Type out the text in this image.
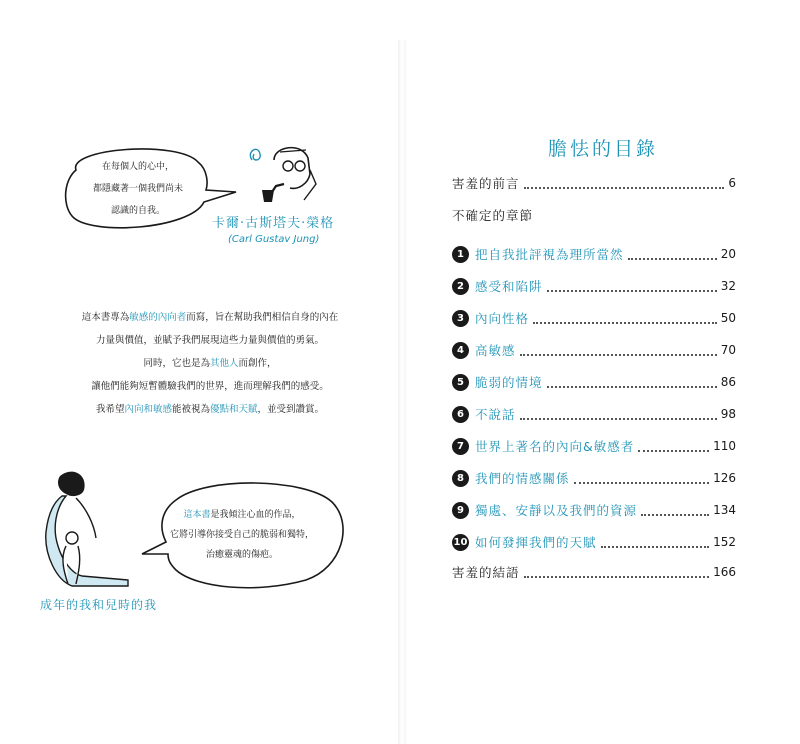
在每個人的心中，
都隱藏著一個我們尚未
認識的自我。
卡爾·古斯塔夫·榮格
(Carl Gustav Jung)

這本書專為敏感的內向者而寫，旨在幫助我們相信自身的內在

力量與價值，並賦予我們展現這些力量與價值的勇氣。

同時，它也是為其他人而創作，

讓他們能夠短暫體驗我們的世界，進而理解我們的感受。

我希望內向和敏感能被視為優點和天賦，並受到讚賞。

這本書是我傾注心血的作品，

它將引導你接受自己的脆弱和獨特，

治癒靈魂的傷疤。

成年的我和兒時的我
膽怯的目錄
害羞的前言	6
不確定的章節
1 把自我批評視為理所當然	20
2 感受和陷阱	32
3 內向性格	50
4 高敏感	70
5 脆弱的情境	86
6 不說話	98
7 世界上著名的內向&敏感者	110
8 我們的情感關係	126
9 獨處、安靜以及我們的資源	134
10 如何發揮我們的天賦	152
害羞的結語	166
